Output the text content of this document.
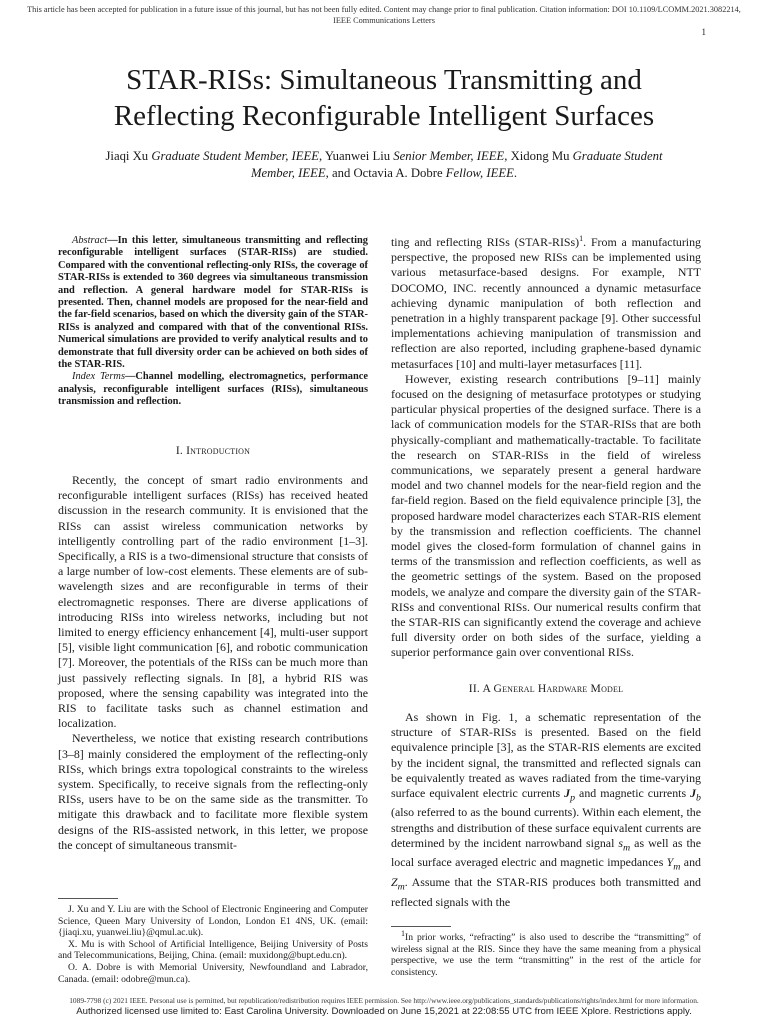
This article has been accepted for publication in a future issue of this journal, but has not been fully edited. Content may change prior to final publication. Citation information: DOI 10.1109/LCOMM.2021.3082214, IEEE Communications Letters
1
STAR-RISs: Simultaneous Transmitting and
Reflecting Reconfigurable Intelligent Surfaces
Jiaqi Xu Graduate Student Member, IEEE, Yuanwei Liu Senior Member, IEEE, Xidong Mu Graduate Student Member, IEEE, and Octavia A. Dobre Fellow, IEEE.

Abstract—In this letter, simultaneous transmitting and reflecting reconfigurable intelligent surfaces (STAR-RISs) are studied. Compared with the conventional reflecting-only RISs, the coverage of STAR-RISs is extended to 360 degrees via simultaneous transmission and reflection. A general hardware model for STAR-RISs is presented. Then, channel models are proposed for the near-field and the far-field scenarios, based on which the diversity gain of the STAR-RISs is analyzed and compared with that of the conventional RISs. Numerical simulations are provided to verify analytical results and to demonstrate that full diversity order can be achieved on both sides of the STAR-RIS.

Index Terms—Channel modelling, electromagnetics, performance analysis, reconfigurable intelligent surfaces (RISs), simultaneous transmission and reflection.

I. Introduction

Recently, the concept of smart radio environments and reconfigurable intelligent surfaces (RISs) has received heated discussion in the research community. It is envisioned that the RISs can assist wireless communication networks by intelligently controlling part of the radio environment [1–3]. Specifically, a RIS is a two-dimensional structure that consists of a large number of low-cost elements. These elements are of sub-wavelength sizes and are reconfigurable in terms of their electromagnetic responses. There are diverse applications of introducing RISs into wireless networks, including but not limited to energy efficiency enhancement [4], multi-user support [5], visible light communication [6], and robotic communication [7]. Moreover, the potentials of the RISs can be much more than just passively reflecting signals. In [8], a hybrid RIS was proposed, where the sensing capability was integrated into the RIS to facilitate tasks such as channel estimation and localization.

Nevertheless, we notice that existing research contributions [3–8] mainly considered the employment of the reflecting-only RISs, which brings extra topological constraints to the wireless system. Specifically, to receive signals from the reflecting-only RISs, users have to be on the same side as the transmitter. To mitigate this drawback and to facilitate more flexible system designs of the RIS-assisted network, in this letter, we propose the concept of simultaneous transmit-

J. Xu and Y. Liu are with the School of Electronic Engineering and Computer Science, Queen Mary University of London, London E1 4NS, UK. (email:{jiaqi.xu, yuanwei.liu}@qmul.ac.uk).

X. Mu is with School of Artificial Intelligence, Beijing University of Posts and Telecommunications, Beijing, China. (email: muxidong@bupt.edu.cn).

O. A. Dobre is with Memorial University, Newfoundland and Labrador, Canada. (email: odobre@mun.ca).

ting and reflecting RISs (STAR-RISs)$^1$. From a manufacturing perspective, the proposed new RISs can be implemented using various metasurface-based designs. For example, NTT DOCOMO, INC. recently announced a dynamic metasurface achieving dynamic manipulation of both reflection and penetration in a highly transparent package [9]. Other successful implementations achieving manipulation of transmission and reflection are also reported, including graphene-based dynamic metasurfaces [10] and multi-layer metasurfaces [11].

However, existing research contributions [9–11] mainly focused on the designing of metasurface prototypes or studying particular physical properties of the designed surface. There is a lack of communication models for the STAR-RISs that are both physically-compliant and mathematically-tractable. To facilitate the research on STAR-RISs in the field of wireless communications, we separately present a general hardware model and two channel models for the near-field region and the far-field region. Based on the field equivalence principle [3], the proposed hardware model characterizes each STAR-RIS element by the transmission and reflection coefficients. The channel model gives the closed-form formulation of channel gains in terms of the transmission and reflection coefficients, as well as the geometric settings of the system. Based on the proposed models, we analyze and compare the diversity gain of the STAR-RISs and conventional RISs. Our numerical results confirm that the STAR-RIS can significantly extend the coverage and achieve full diversity order on both sides of the surface, yielding a superior performance gain over conventional RISs.

II. A General Hardware Model

As shown in Fig. 1, a schematic representation of the structure of STAR-RISs is presented. Based on the field equivalence principle [3], as the STAR-RIS elements are excited by the incident signal, the transmitted and reflected signals can be equivalently treated as waves radiated from the time-varying surface equivalent electric currents $J_p$ and magnetic currents $J_b$ (also referred to as the bound currents). Within each element, the strengths and distribution of these surface equivalent currents are determined by the incident narrowband signal $s_m$ as well as the local surface averaged electric and magnetic impedances $Y_m$ and $Z_m$. Assume that the STAR-RIS produces both transmitted and reflected signals with the

$^1$In prior works, “refracting” is also used to describe the “transmitting” of wireless signal at the RIS. Since they have the same meaning from a physical perspective, we use the term “transmitting” in the rest of the article for consistency.

1089-7798 (c) 2021 IEEE. Personal use is permitted, but republication/redistribution requires IEEE permission. See http://www.ieee.org/publications_standards/publications/rights/index.html for more information.
Authorized licensed use limited to: East Carolina University. Downloaded on June 15,2021 at 22:08:55 UTC from IEEE Xplore. Restrictions apply.
